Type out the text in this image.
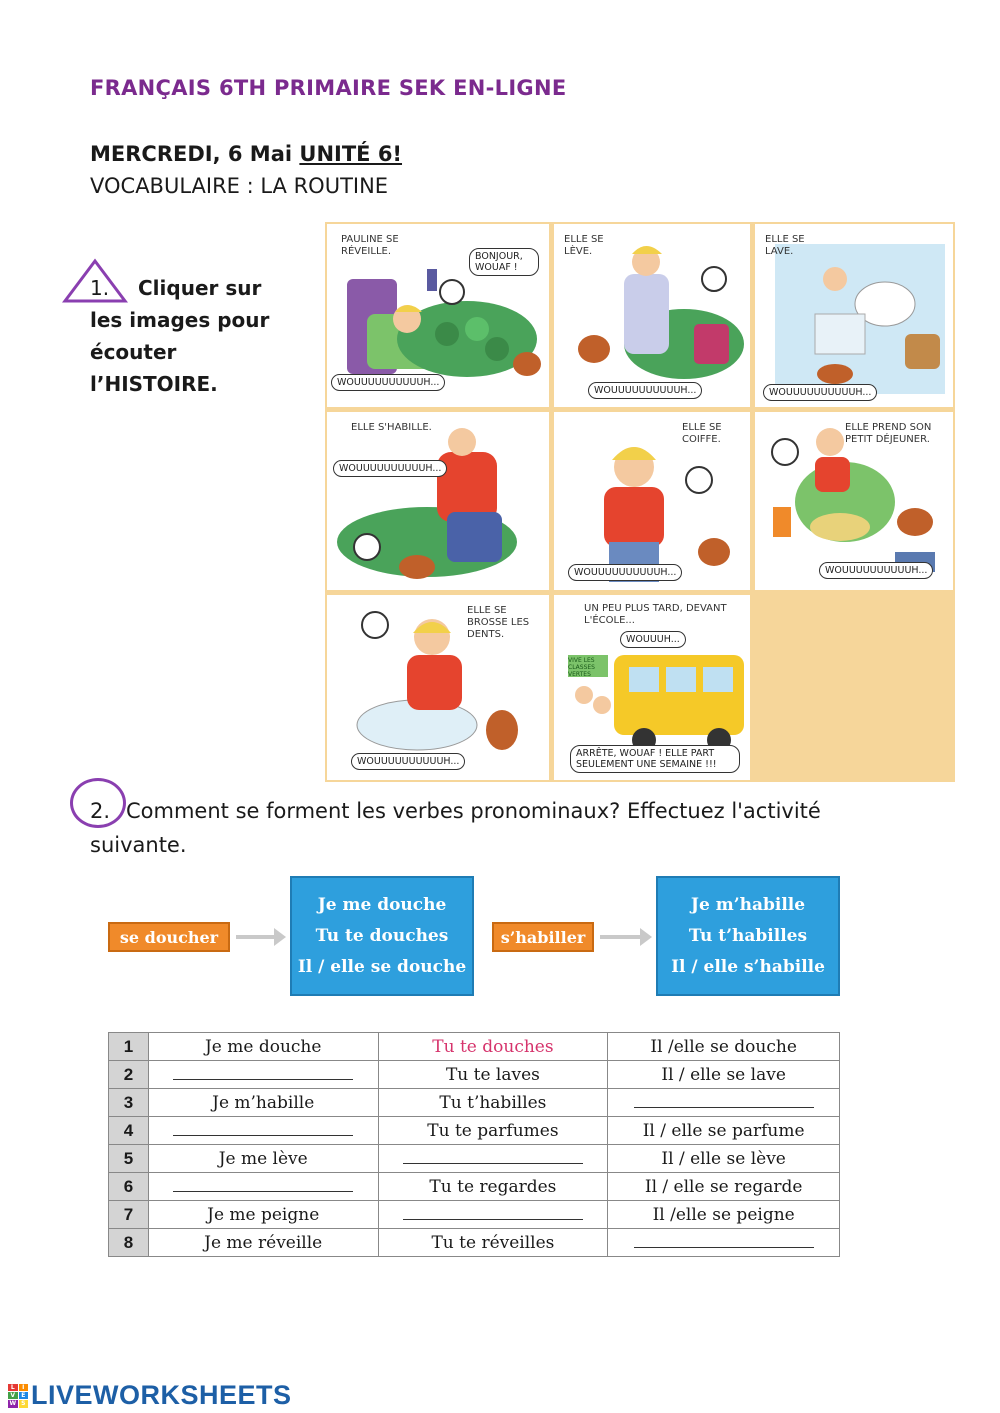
FRANÇAIS 6TH PRIMAIRE SEK EN-LIGNE
MERCREDI, 6 Mai UNITÉ 6!
VOCABULAIRE : LA ROUTINE
1. Cliquer sur les images pour écouter l’HISTOIRE.
PAULINE SE RÉVEILLE.	BONJOUR, WOUAF !
WOUUUUUUUUUUH...
ELLE SE LÈVE.
WOUUUUUUUUUUH...
ELLE SE LAVE.
WOUUUUUUUUUUH...
ELLE S'HABILLE.
WOUUUUUUUUUUH...
ELLE SE COIFFE.
WOUUUUUUUUUUH...
ELLE PREND SON PETIT DÉJEUNER.
WOUUUUUUUUUUH...
ELLE SE BROSSE LES DENTS.
WOUUUUUUUUUUH...
UN PEU PLUS TARD, DEVANT L'ÉCOLE...
WOUUUH...
VIVE LES CLASSES VERTES
ARRÊTE, WOUAF ! ELLE PART SEULEMENT UNE SEMAINE !!!
2. Comment se forment les verbes pronominaux? Effectuez l'activité suivante.
se doucher
Je me douche
Tu te douches
Il / elle se douche
s’habiller
Je m’habille
Tu t’habilles
Il / elle s’habille
1	Je me douche	Tu te douches	Il /elle se douche
2		Tu te laves	Il / elle se lave
3	Je m’habille	Tu t’habilles	
4		Tu te parfumes	Il / elle se parfume
5	Je me lève		Il / elle se lève
6		Tu te regardes	Il / elle se regarde
7	Je me peigne		Il /elle se peigne
8	Je me réveille	Tu te réveilles	
L	I
V	E
W S LIVEWORKSHEETS
